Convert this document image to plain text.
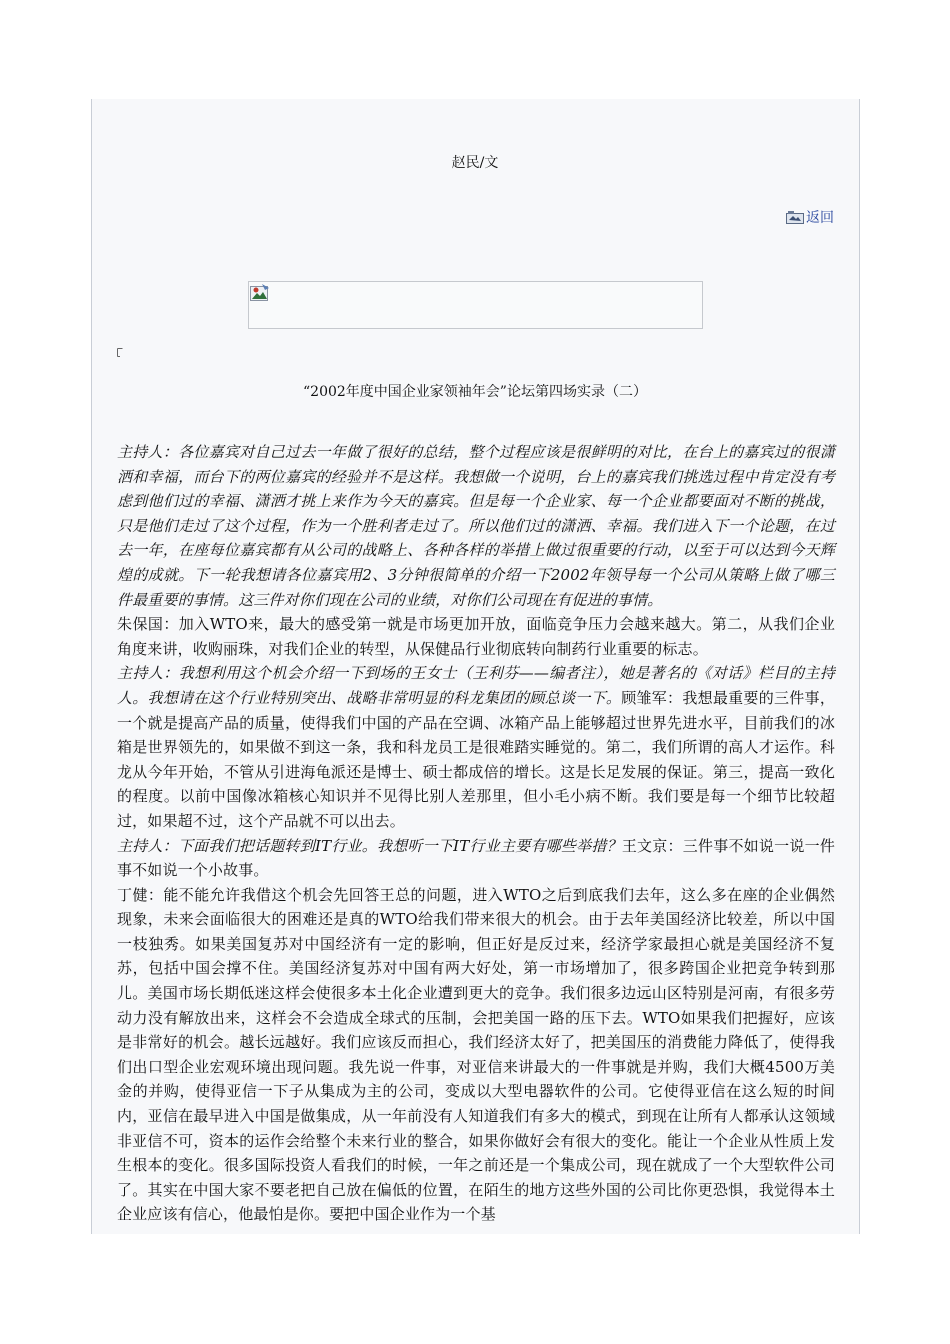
赵民/文
返回
“2002年度中国企业家领袖年会”论坛第四场实录（二）

主持人：各位嘉宾对自己过去一年做了很好的总结，整个过程应该是很鲜明的对比，在台上的嘉宾过的很潇洒和幸福，而台下的两位嘉宾的经验并不是这样。我想做一个说明，台上的嘉宾我们挑选过程中肯定没有考虑到他们过的幸福、潇洒才挑上来作为今天的嘉宾。但是每一个企业家、每一个企业都要面对不断的挑战，只是他们走过了这个过程，作为一个胜利者走过了。所以他们过的潇洒、幸福。我们进入下一个论题，在过去一年，在座每位嘉宾都有从公司的战略上、各种各样的举措上做过很重要的行动，以至于可以达到今天辉煌的成就。下一轮我想请各位嘉宾用2、3分钟很简单的介绍一下2002年领导每一个公司从策略上做了哪三件最重要的事情。这三件对你们现在公司的业绩，对你们公司现在有促进的事情。

朱保国：加入WTO来，最大的感受第一就是市场更加开放，面临竞争压力会越来越大。第二，从我们企业角度来讲，收购丽珠，对我们企业的转型，从保健品行业彻底转向制药行业重要的标志。

主持人：我想利用这个机会介绍一下到场的王女士（王利芬——编者注），她是著名的《对话》栏目的主持人。我想请在这个行业特别突出、战略非常明显的科龙集团的顾总谈一下。顾雏军：我想最重要的三件事，一个就是提高产品的质量，使得我们中国的产品在空调、冰箱产品上能够超过世界先进水平，目前我们的冰箱是世界领先的，如果做不到这一条，我和科龙员工是很难踏实睡觉的。第二，我们所谓的高人才运作。科龙从今年开始，不管从引进海龟派还是博士、硕士都成倍的增长。这是长足发展的保证。第三，提高一致化的程度。以前中国像冰箱核心知识并不见得比别人差那里，但小毛小病不断。我们要是每一个细节比较超过，如果超不过，这个产品就不可以出去。

主持人：下面我们把话题转到IT行业。我想听一下IT行业主要有哪些举措？王文京：三件事不如说一说一件事不如说一个小故事。

丁健：能不能允许我借这个机会先回答王总的问题，进入WTO之后到底我们去年，这么多在座的企业偶然现象，未来会面临很大的困难还是真的WTO给我们带来很大的机会。由于去年美国经济比较差，所以中国一枝独秀。如果美国复苏对中国经济有一定的影响，但正好是反过来，经济学家最担心就是美国经济不复苏，包括中国会撑不住。美国经济复苏对中国有两大好处，第一市场增加了，很多跨国企业把竞争转到那儿。美国市场长期低迷这样会使很多本土化企业遭到更大的竞争。我们很多边远山区特别是河南，有很多劳动力没有解放出来，这样会不会造成全球式的压制，会把美国一路的压下去。WTO如果我们把握好，应该是非常好的机会。越长远越好。我们应该反而担心，我们经济太好了，把美国压的消费能力降低了，使得我们出口型企业宏观环境出现问题。我先说一件事，对亚信来讲最大的一件事就是并购，我们大概4500万美金的并购，使得亚信一下子从集成为主的公司，变成以大型电器软件的公司。它使得亚信在这么短的时间内，亚信在最早进入中国是做集成，从一年前没有人知道我们有多大的模式，到现在让所有人都承认这领域非亚信不可，资本的运作会给整个未来行业的整合，如果你做好会有很大的变化。能让一个企业从性质上发生根本的变化。很多国际投资人看我们的时候，一年之前还是一个集成公司，现在就成了一个大型软件公司了。其实在中国大家不要老把自己放在偏低的位置，在陌生的地方这些外国的公司比你更恐惧，我觉得本土企业应该有信心，他最怕是你。要把中国企业作为一个基
